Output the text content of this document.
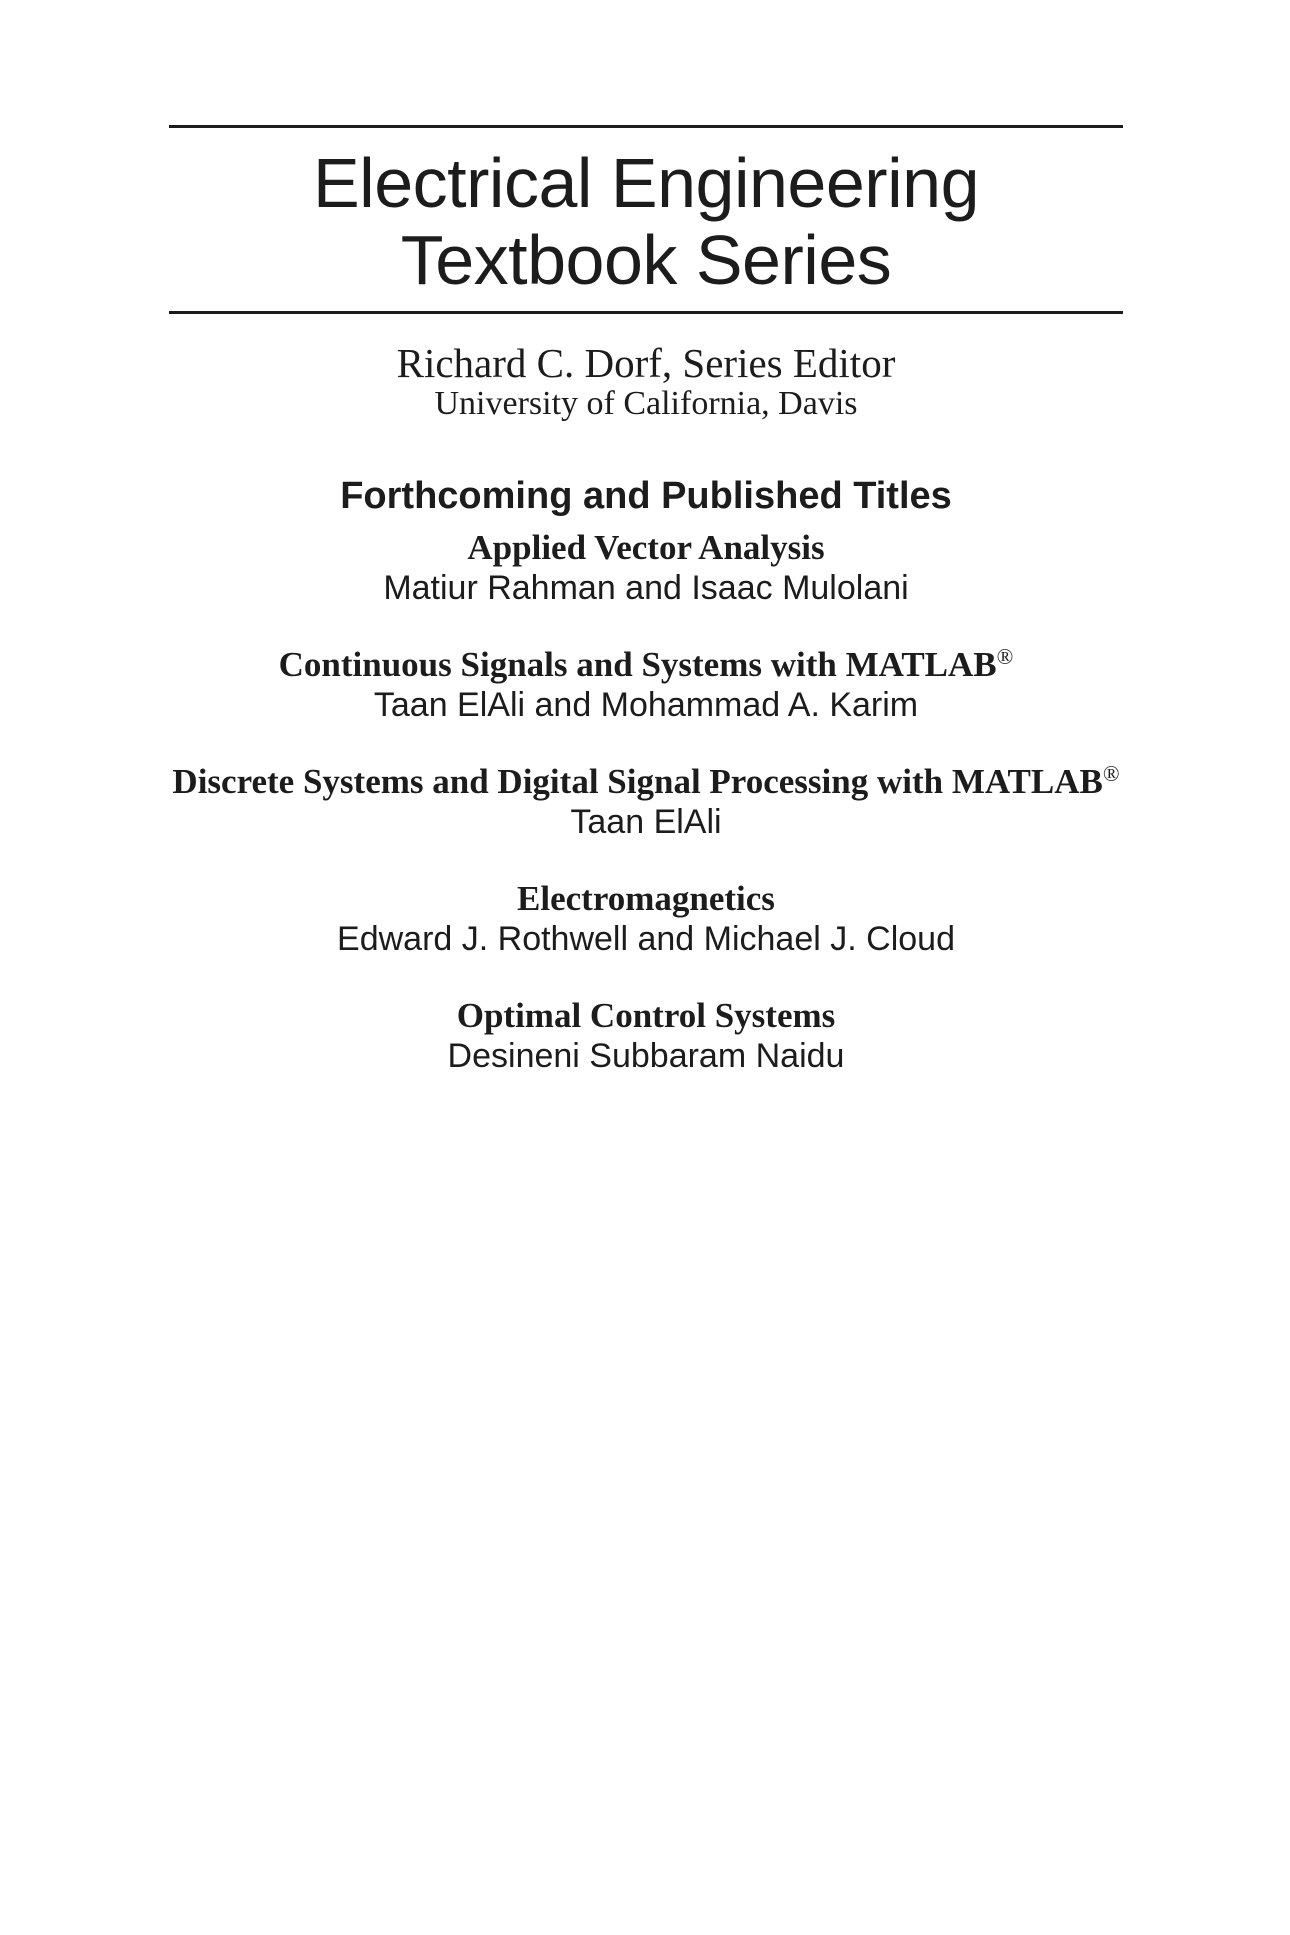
Electrical Engineering
Textbook Series
Richard C. Dorf, Series Editor
University of California, Davis
Forthcoming and Published Titles
Applied Vector Analysis
Matiur Rahman and Isaac Mulolani
Continuous Signals and Systems with MATLAB®
Taan ElAli and Mohammad A. Karim
Discrete Systems and Digital Signal Processing with MATLAB®
Taan ElAli
Electromagnetics
Edward J. Rothwell and Michael J. Cloud
Optimal Control Systems
Desineni Subbaram Naidu
